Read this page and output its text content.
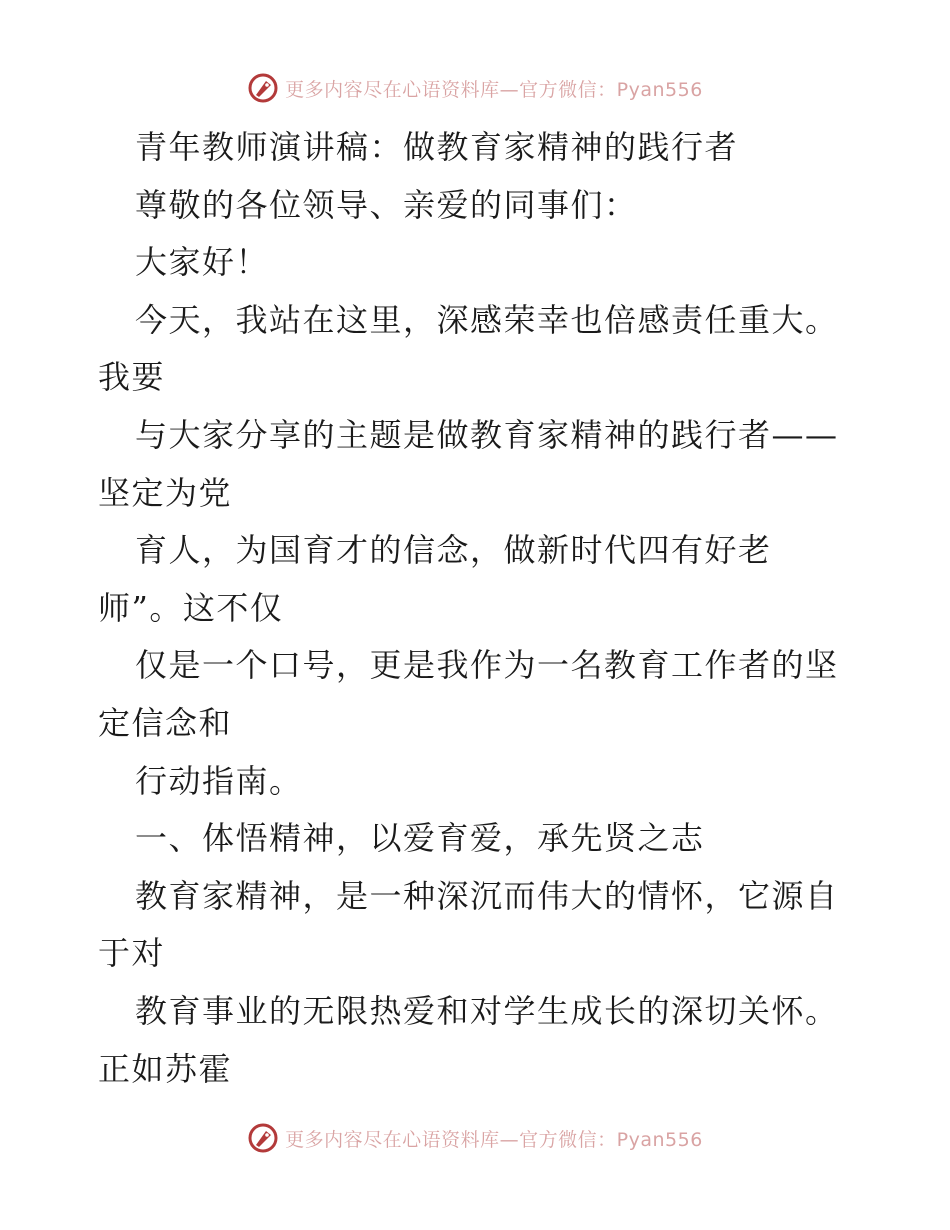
更多内容尽在心语资料库—官方微信：Pyan556
青年教师演讲稿：做教育家精神的践行者
尊敬的各位领导、亲爱的同事们：
大家好！
今天，我站在这里，深感荣幸也倍感责任重大。
我要
与大家分享的主题是做教育家精神的践行者——
坚定为党
育人，为国育才的信念，做新时代四有好老
师”。这不仅
仅是一个口号，更是我作为一名教育工作者的坚
定信念和
行动指南。
一、体悟精神，以爱育爱，承先贤之志
教育家精神，是一种深沉而伟大的情怀，它源自
于对
教育事业的无限热爱和对学生成长的深切关怀。
正如苏霍
更多内容尽在心语资料库—官方微信：Pyan556
